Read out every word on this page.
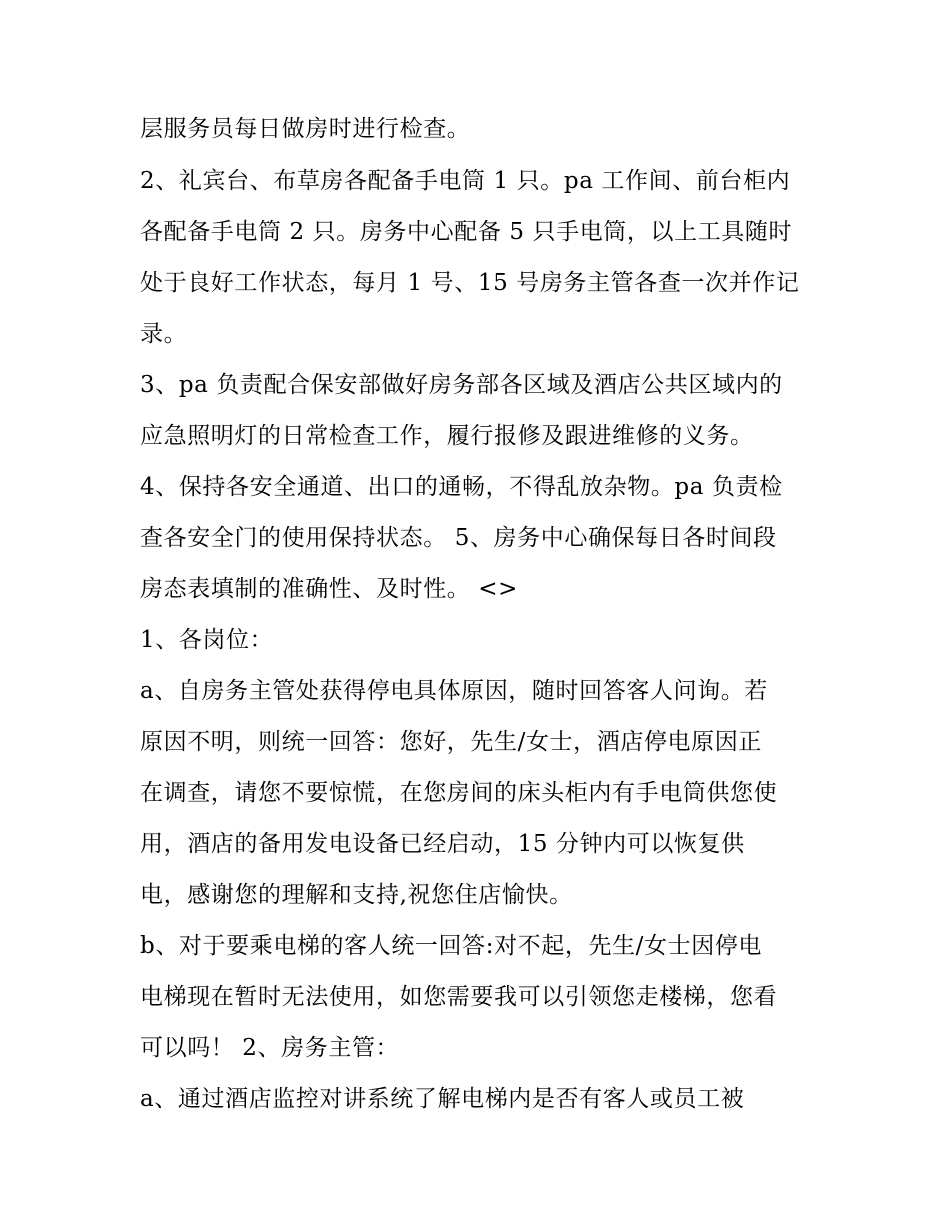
层服务员每日做房时进行检查。
2、礼宾台、布草房各配备手电筒 1 只。pa 工作间、前台柜内
各配备手电筒 2 只。房务中心配备 5 只手电筒，以上工具随时
处于良好工作状态，每月 1 号、15 号房务主管各查一次并作记
录。
3、pa 负责配合保安部做好房务部各区域及酒店公共区域内的
应急照明灯的日常检查工作，履行报修及跟进维修的义务。
4、保持各安全通道、出口的通畅，不得乱放杂物。pa 负责检
查各安全门的使用保持状态。 5、房务中心确保每日各时间段
房态表填制的准确性、及时性。 <>
1、各岗位：
a、自房务主管处获得停电具体原因，随时回答客人问询。若
原因不明，则统一回答：您好，先生/女士，酒店停电原因正
在调查，请您不要惊慌，在您房间的床头柜内有手电筒供您使
用，酒店的备用发电设备已经启动，15 分钟内可以恢复供
电，感谢您的理解和支持,祝您住店愉快。
b、对于要乘电梯的客人统一回答:对不起，先生/女士因停电
电梯现在暂时无法使用，如您需要我可以引领您走楼梯，您看
可以吗！ 2、房务主管：
a、通过酒店监控对讲系统了解电梯内是否有客人或员工被
